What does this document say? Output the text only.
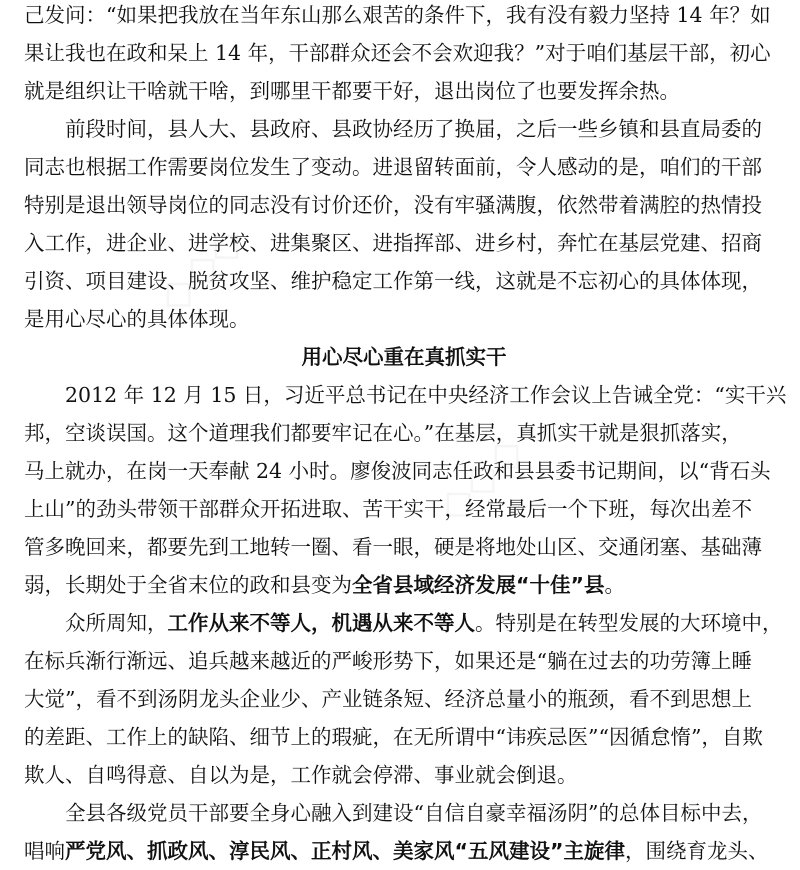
◇◇◇
◇◇◇

己发问：“如果把我放在当年东山那么艰苦的条件下，我有没有毅力坚持 14 年？如
果让我也在政和呆上 14 年，干部群众还会不会欢迎我？”对于咱们基层干部，初心
就是组织让干啥就干啥，到哪里干都要干好，退出岗位了也要发挥余热。

前段时间，县人大、县政府、县政协经历了换届，之后一些乡镇和县直局委的
同志也根据工作需要岗位发生了变动。进退留转面前，令人感动的是，咱们的干部
特别是退出领导岗位的同志没有讨价还价，没有牢骚满腹，依然带着满腔的热情投
入工作，进企业、进学校、进集聚区、进指挥部、进乡村，奔忙在基层党建、招商
引资、项目建设、脱贫攻坚、维护稳定工作第一线，这就是不忘初心的具体体现，
是用心尽心的具体体现。

用心尽心重在真抓实干

2012 年 12 月 15 日，习近平总书记在中央经济工作会议上告诫全党：“实干兴
邦，空谈误国。这个道理我们都要牢记在心。”在基层，真抓实干就是狠抓落实，
马上就办，在岗一天奉献 24 小时。廖俊波同志任政和县县委书记期间，以“背石头
上山”的劲头带领干部群众开拓进取、苦干实干，经常最后一个下班，每次出差不
管多晚回来，都要先到工地转一圈、看一眼，硬是将地处山区、交通闭塞、基础薄
弱，长期处于全省末位的政和县变为全省县域经济发展“十佳”县。

众所周知，工作从来不等人，机遇从来不等人。特别是在转型发展的大环境中，
在标兵渐行渐远、追兵越来越近的严峻形势下，如果还是“躺在过去的功劳簿上睡
大觉”，看不到汤阴龙头企业少、产业链条短、经济总量小的瓶颈，看不到思想上
的差距、工作上的缺陷、细节上的瑕疵，在无所谓中“讳疾忌医”“因循怠惰”，自欺
欺人、自鸣得意、自以为是，工作就会停滞、事业就会倒退。

全县各级党员干部要全身心融入到建设“自信自豪幸福汤阴”的总体目标中去，
唱响严党风、抓政风、淳民风、正村风、美家风“五风建设”主旋律，围绕育龙头、
